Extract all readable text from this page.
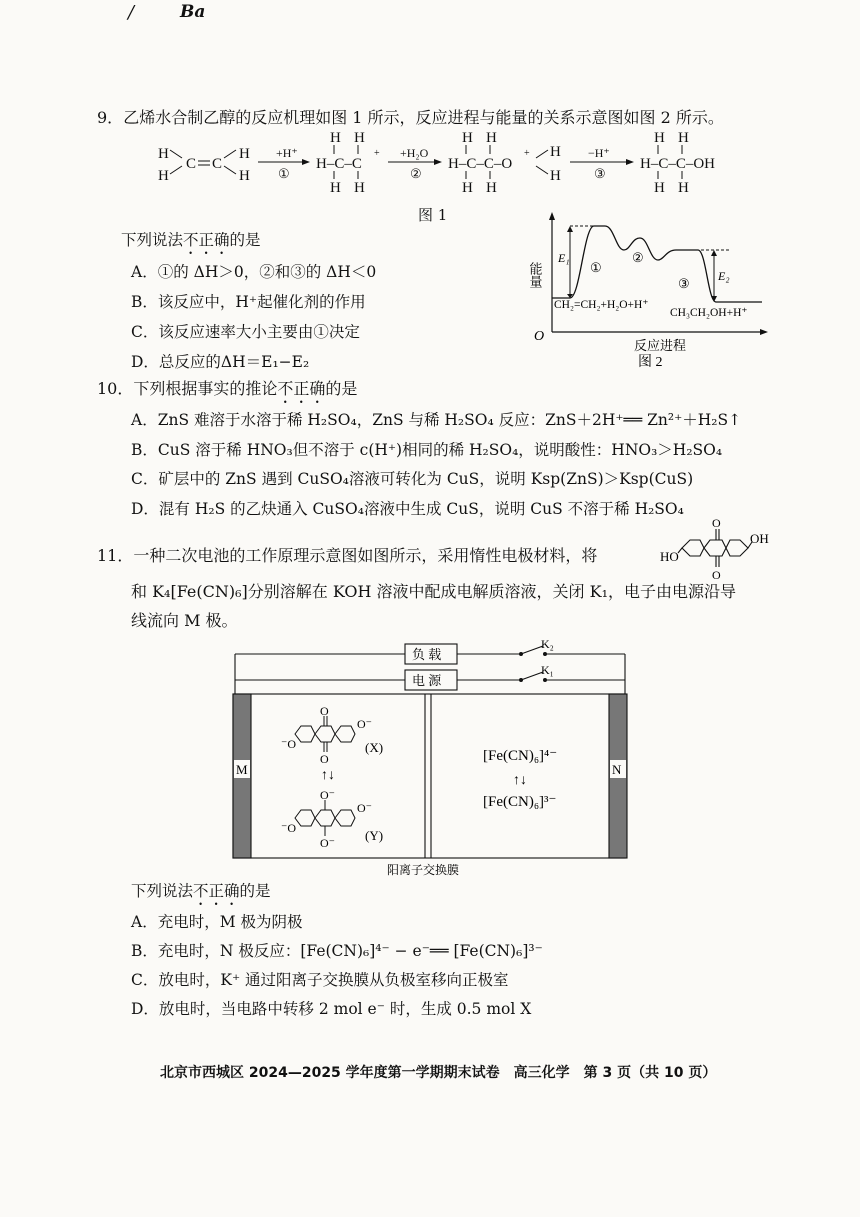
/	Ba
9．乙烯水合制乙醇的反应机理如图 1 所示，反应进程与能量的关系示意图如图 2 所示。
H
H
C C
H
H
+H⁺
①
H–C–C
+
H H
H H
+H₂O
②
H–C–C–O
+
H H
H H
H
H
−H⁺
③
H–C–C–OH
H H
H H
图 1
下列说法不正确的是
A．①的 ΔH＞0，②和③的 ΔH＜0
B．该反应中，H⁺起催化剂的作用
C．该反应速率大小主要由①决定
D．总反应的ΔH＝E₁−E₂
O
能量
反应进程
图 2
E₁
E₂
①
②
③
CH₂=CH₂+H₂O+H⁺
CH₃CH₂OH+H⁺
10．下列根据事实的推论不正确的是
A．ZnS 难溶于水溶于稀 H₂SO₄，ZnS 与稀 H₂SO₄ 反应：ZnS＋2H⁺══ Zn²⁺＋H₂S↑
B．CuS 溶于稀 HNO₃但不溶于 c(H⁺)相同的稀 H₂SO₄，说明酸性：HNO₃＞H₂SO₄
C．矿层中的 ZnS 遇到 CuSO₄溶液可转化为 CuS，说明 Ksp(ZnS)＞Ksp(CuS)
D．混有 H₂S 的乙炔通入 CuSO₄溶液中生成 CuS，说明 CuS 不溶于稀 H₂SO₄
11．一种二次电池的工作原理示意图如图所示，采用惰性电极材料，将
O
O
HO
OH
和 K₄[Fe(CN)₆]分别溶解在 KOH 溶液中配成电解质溶液，关闭 K₁，电子由电源沿导
线流向 M 极。
负 载
电 源
K₂
K₁
M	N
O
O
⁻O
O⁻
(X)
↑↓
O⁻
O⁻
⁻O
O⁻
(Y)
[Fe(CN)₆]⁴⁻
↑↓
[Fe(CN)₆]³⁻
阳离子交换膜
下列说法不正确的是
A．充电时，M 极为阴极
B．充电时，N 极反应：[Fe(CN)₆]⁴⁻ − e⁻══ [Fe(CN)₆]³⁻
C．放电时，K⁺ 通过阳离子交换膜从负极室移向正极室
D．放电时，当电路中转移 2 mol e⁻ 时，生成 0.5 mol X
北京市西城区 2024—2025 学年度第一学期期末试卷　高三化学　第 3 页（共 10 页）
